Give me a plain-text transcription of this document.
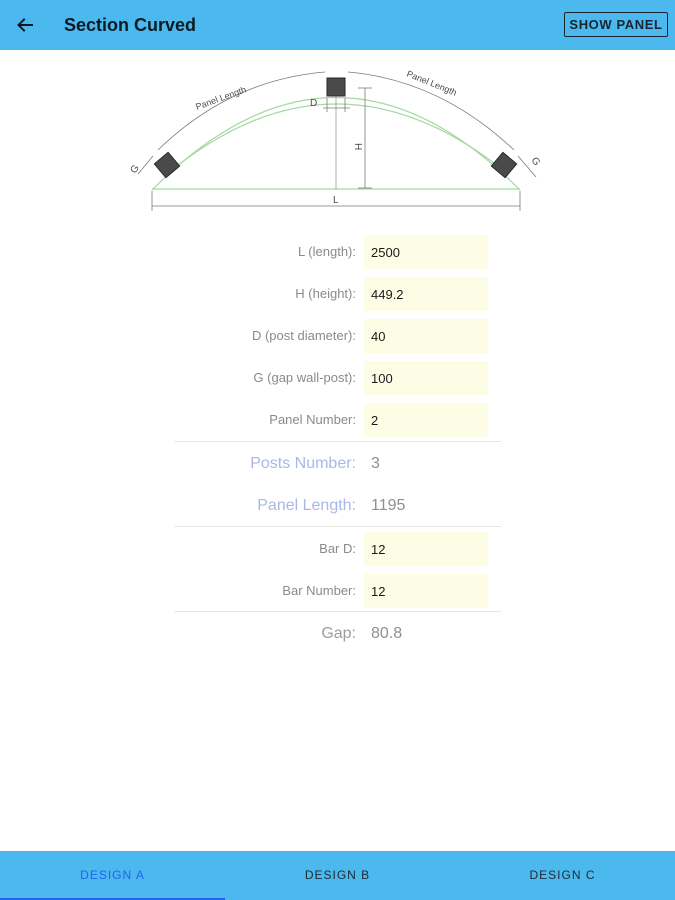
Section Curved	SHOW PANEL
Panel Length
Panel Length
D
H
G
G
L
L (length):
2500
H (height):
449.2
D (post diameter):
40
G (gap wall-post):
100
Panel Number:
2
Posts Number: 3
Panel Length: 1195
Bar D:
12
Bar Number:
12
Gap: 80.8
DESIGN A	DESIGN B	DESIGN C
